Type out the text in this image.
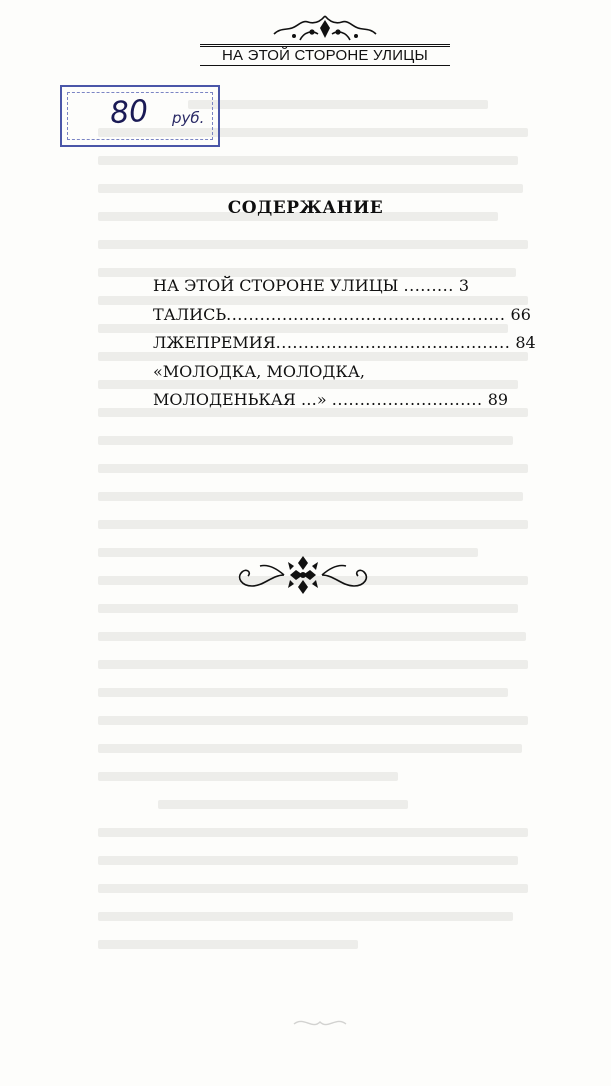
НА ЭТОЙ СТОРОНЕ УЛИЦЫ
80 руб.
СОДЕРЖАНИЕ
НА ЭТОЙ СТОРОНЕ УЛИЦЫ ......... 3
ТАЛИСЬ.................................................. 66
ЛЖЕПРЕМИЯ.......................................... 84
«МОЛОДКА, МОЛОДКА,
МОЛОДЕНЬКАЯ …» ........................... 89
